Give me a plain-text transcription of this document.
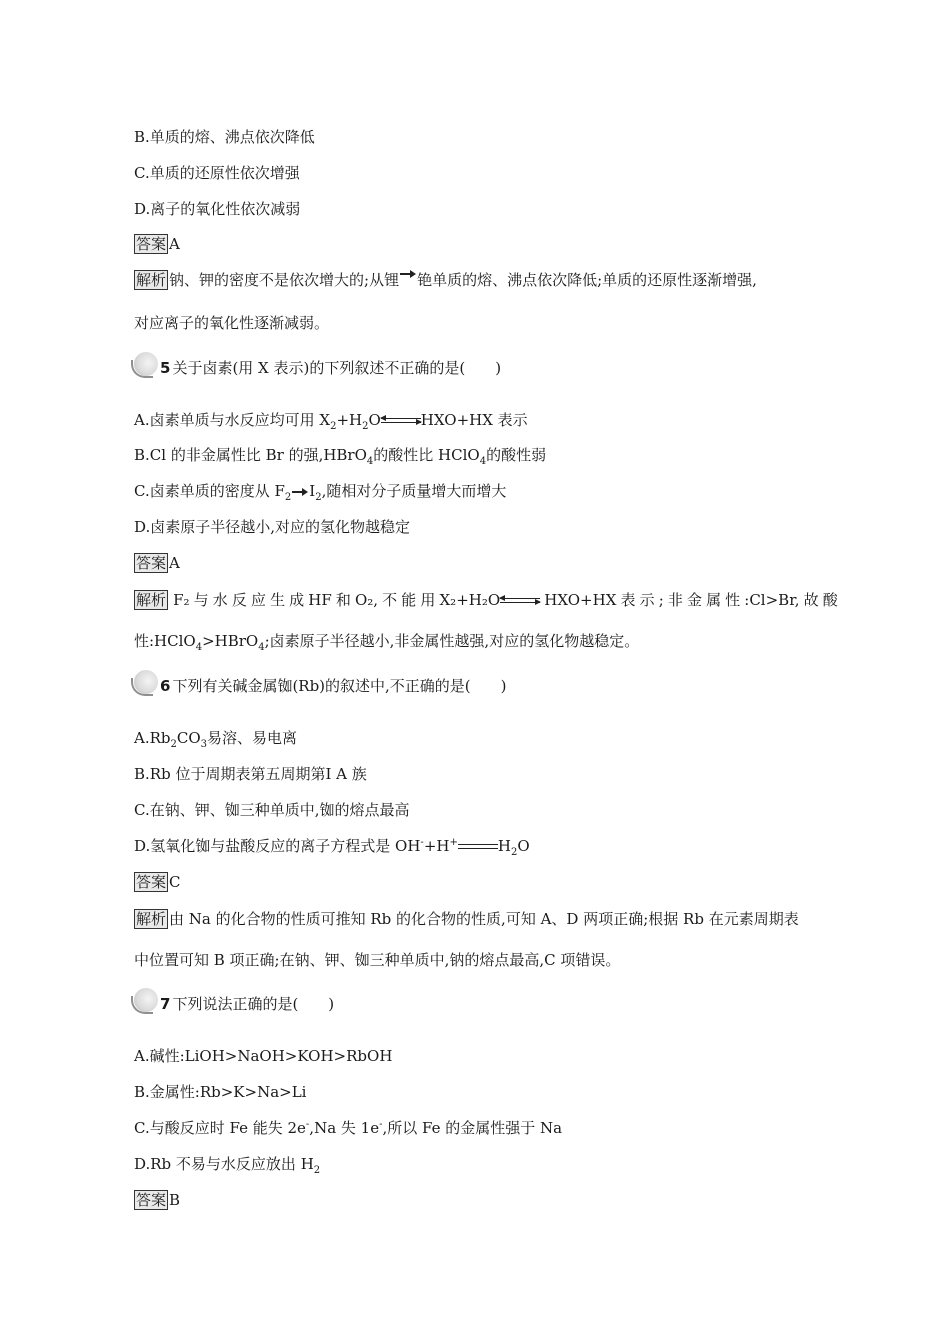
B.单质的熔、沸点依次降低
C.单质的还原性依次增强
D.离子的氧化性依次减弱
答案 A
解析 钠、钾的密度不是依次增大的;从锂 铯单质的熔、沸点依次降低;单质的还原性逐渐增强,
对应离子的氧化性逐渐减弱。
5 关于卤素(用 X 表示)的下列叙述不正确的是(　　)
A.卤素单质与水反应均可用 $X_2+H_2O$	HXO+HX 表示
B.Cl 的非金属性比 Br 的强,HBrO$_4$的酸性比 HClO$_4$的酸性弱
C.卤素单质的密度从 $F_2$ $I_2$,随相对分子质量增大而增大
D.卤素原子半径越小,对应的氢化物越稳定
答案 A
解析 F₂ 与 水 反 应 生 成 HF 和 O₂, 不 能 用 X₂+H₂O	HXO+HX 表 示 ; 非 金 属 性 :Cl>Br, 故 酸
性:HClO$_4$>HBrO$_4$;卤素原子半径越小,非金属性越强,对应的氢化物越稳定。
6 下列有关碱金属铷(Rb)的叙述中,不正确的是(　　)
$A.Rb_2CO_3$易溶、易电离
B.Rb 位于周期表第五周期第Ⅰ A 族
C.在钠、钾、铷三种单质中,铷的熔点最高
D.氢氧化铷与盐酸反应的离子方程式是 OH-+H+	$H_2O$
答案 C
解析 由 Na 的化合物的性质可推知 Rb 的化合物的性质,可知 A、D 两项正确;根据 Rb 在元素周期表
中位置可知 B 项正确;在钠、钾、铷三种单质中,钠的熔点最高,C 项错误。
7 下列说法正确的是(　　)
A.碱性:LiOH>NaOH>KOH>RbOH
B.金属性:Rb>K>Na>Li
C.与酸反应时 Fe 能失 2e-,Na 失 1e-,所以 Fe 的金属性强于 Na
D.Rb 不易与水反应放出 $H_2$
答案 B
